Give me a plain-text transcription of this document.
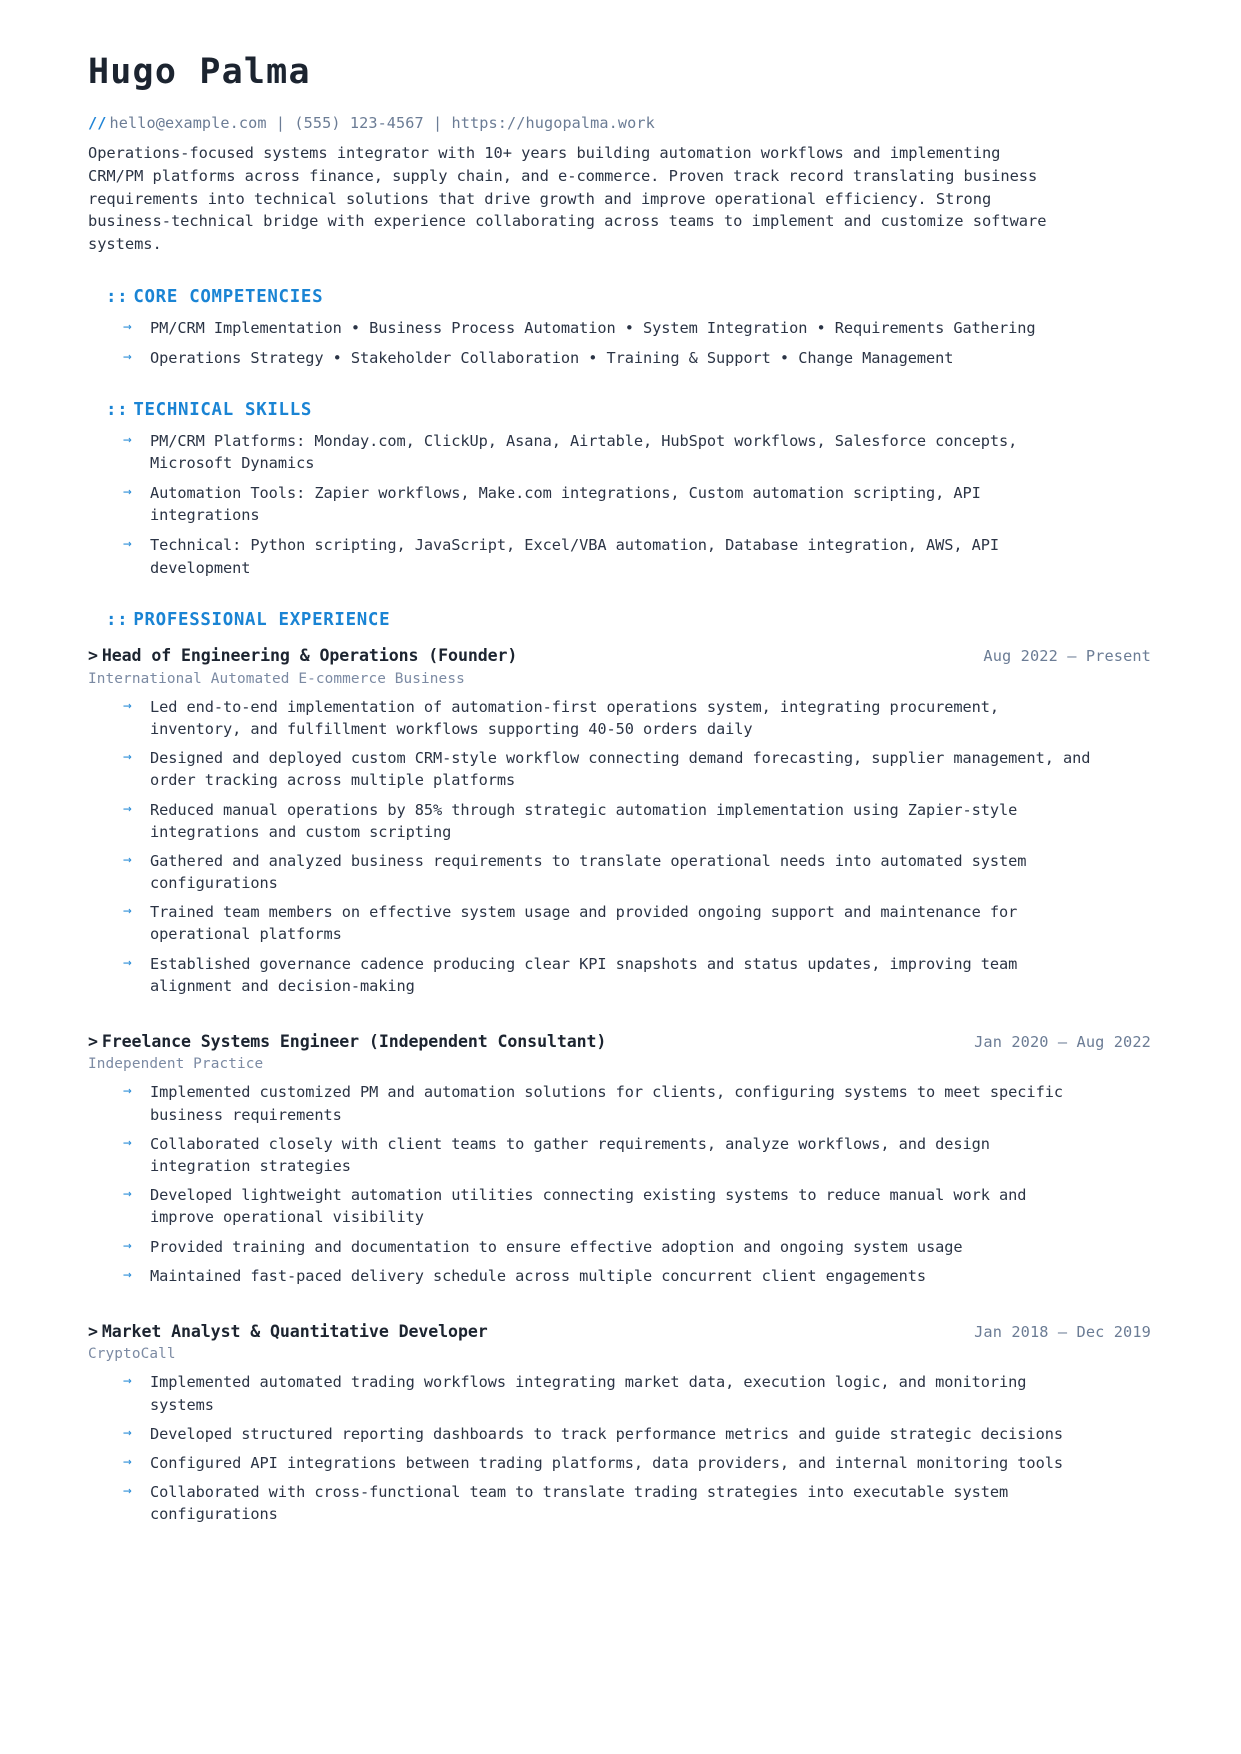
Hugo Palma
// hello@example.com | (555) 123-4567 | https://hugopalma.work

Operations-focused systems integrator with 10+ years building automation workflows and implementing CRM/PM platforms across finance, supply chain, and e-commerce. Proven track record translating business requirements into technical solutions that drive growth and improve operational efficiency. Strong business-technical bridge with experience collaborating across teams to implement and customize software systems.

:: CORE COMPETENCIES
→ PM/CRM Implementation • Business Process Automation • System Integration • Requirements Gathering
→ Operations Strategy • Stakeholder Collaboration • Training & Support • Change Management
:: TECHNICAL SKILLS
→ PM/CRM Platforms: Monday.com, ClickUp, Asana, Airtable, HubSpot workflows, Salesforce concepts, Microsoft Dynamics
→ Automation Tools: Zapier workflows, Make.com integrations, Custom automation scripting, API integrations
→ Technical: Python scripting, JavaScript, Excel/VBA automation, Database integration, AWS, API development
:: PROFESSIONAL EXPERIENCE
> Head of Engineering & Operations (Founder)	Aug 2022 – Present
International Automated E-commerce Business
→ Led end-to-end implementation of automation-first operations system, integrating procurement, inventory, and fulfillment workflows supporting 40-50 orders daily
→ Designed and deployed custom CRM-style workflow connecting demand forecasting, supplier management, and order tracking across multiple platforms
→ Reduced manual operations by 85% through strategic automation implementation using Zapier-style integrations and custom scripting
→ Gathered and analyzed business requirements to translate operational needs into automated system configurations
→ Trained team members on effective system usage and provided ongoing support and maintenance for operational platforms
→ Established governance cadence producing clear KPI snapshots and status updates, improving team alignment and decision-making
> Freelance Systems Engineer (Independent Consultant)	Jan 2020 – Aug 2022
Independent Practice
→ Implemented customized PM and automation solutions for clients, configuring systems to meet specific business requirements
→ Collaborated closely with client teams to gather requirements, analyze workflows, and design integration strategies
→ Developed lightweight automation utilities connecting existing systems to reduce manual work and improve operational visibility
→ Provided training and documentation to ensure effective adoption and ongoing system usage
→ Maintained fast-paced delivery schedule across multiple concurrent client engagements
> Market Analyst & Quantitative Developer	Jan 2018 – Dec 2019
CryptoCall
→ Implemented automated trading workflows integrating market data, execution logic, and monitoring systems
→ Developed structured reporting dashboards to track performance metrics and guide strategic decisions
→ Configured API integrations between trading platforms, data providers, and internal monitoring tools
→ Collaborated with cross-functional team to translate trading strategies into executable system configurations
